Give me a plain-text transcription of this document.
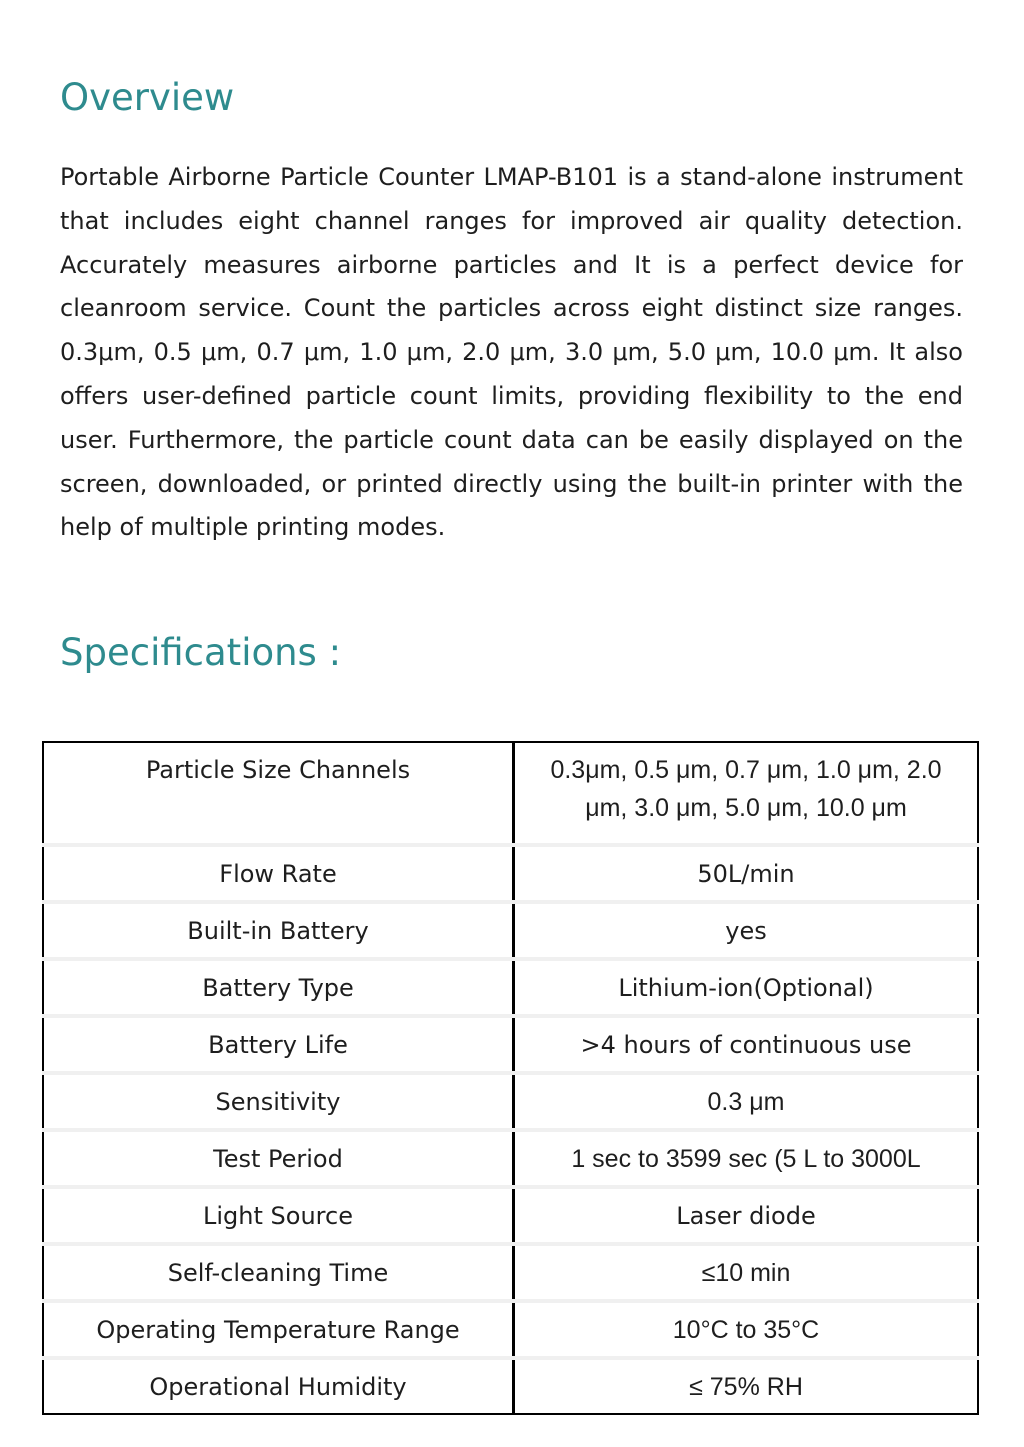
Overview

Portable Airborne Particle Counter LMAP-B101 is a stand-alone instrument that includes eight channel ranges for improved air quality detection. Accurately measures airborne particles and It is a perfect device for cleanroom service. Count the particles across eight distinct size ranges. 0.3μm, 0.5 μm, 0.7 μm, 1.0 μm, 2.0 μm, 3.0 μm, 5.0 μm, 10.0 μm. It also offers user-defined particle count limits, providing flexibility to the end user. Furthermore, the particle count data can be easily displayed on the screen, downloaded, or printed directly using the built-in printer with the help of multiple printing modes.

Specifications :
Particle Size Channels	0.3μm, 0.5 μm, 0.7 μm, 1.0 μm, 2.0 μm, 3.0 μm, 5.0 μm, 10.0 μm
Flow Rate	50L/min
Built-in Battery	yes
Battery Type	Lithium-ion(Optional)
Battery Life	>4 hours of continuous use
Sensitivity	0.3 μm
Test Period	1 sec to 3599 sec (5 L to 3000L
Light Source	Laser diode
Self-cleaning Time	≤10 min
Operating Temperature Range	10°C to 35°C
Operational Humidity	≤ 75% RH
